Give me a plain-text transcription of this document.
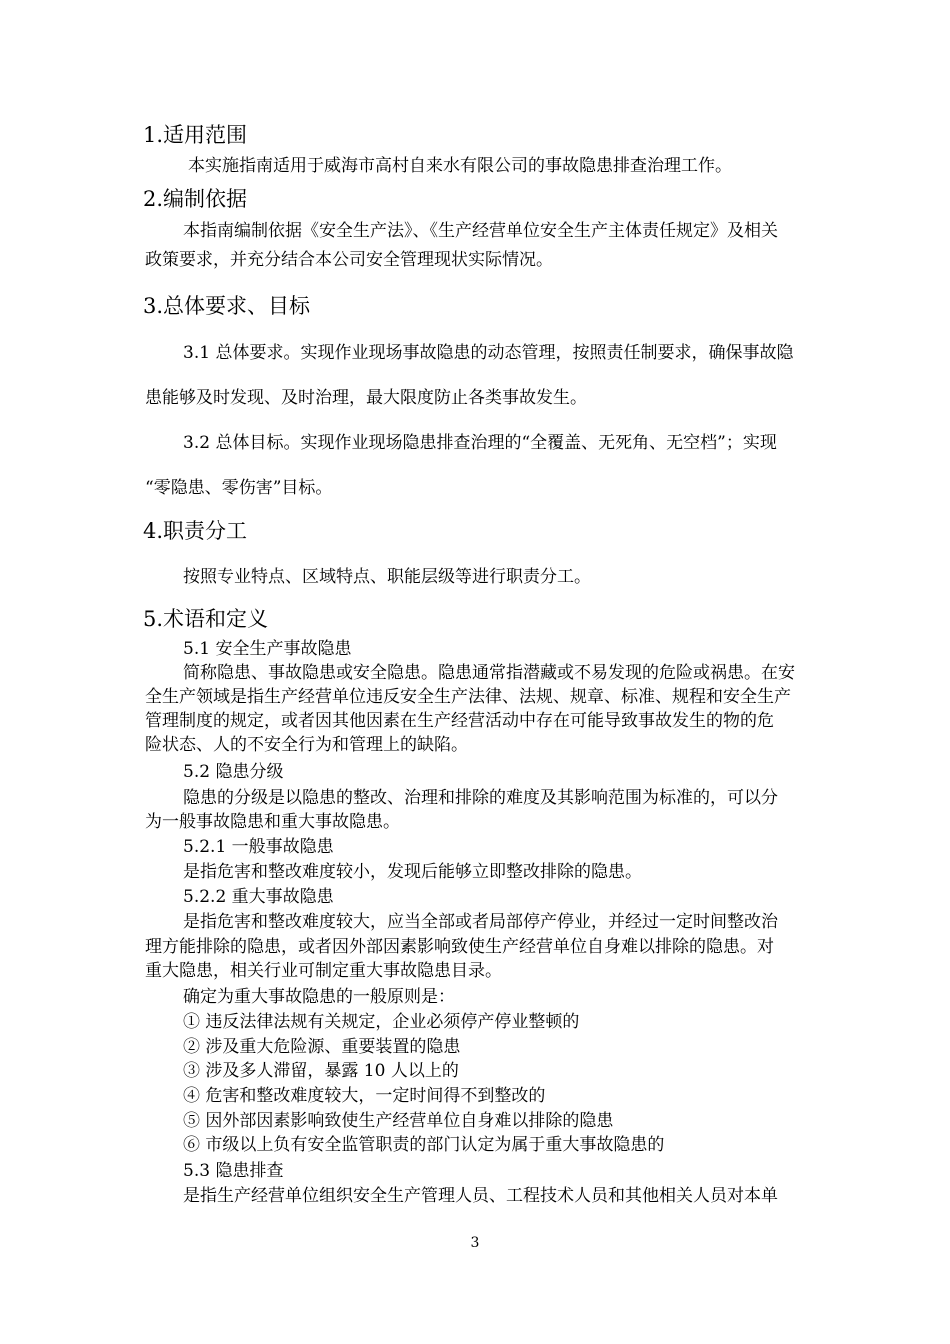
1.适用范围
本实施指南适用于威海市高村自来水有限公司的事故隐患排查治理工作。
2.编制依据
本指南编制依据《安全生产法》、《生产经营单位安全生产主体责任规定》及相关
政策要求，并充分结合本公司安全管理现状实际情况。
3.总体要求、目标
3.1 总体要求。实现作业现场事故隐患的动态管理，按照责任制要求，确保事故隐
患能够及时发现、及时治理，最大限度防止各类事故发生。
3.2 总体目标。实现作业现场隐患排查治理的“全覆盖、无死角、无空档”；实现
“零隐患、零伤害”目标。
4.职责分工
按照专业特点、区域特点、职能层级等进行职责分工。
5.术语和定义
5.1 安全生产事故隐患
简称隐患、事故隐患或安全隐患。隐患通常指潜藏或不易发现的危险或祸患。在安
全生产领域是指生产经营单位违反安全生产法律、法规、规章、标准、规程和安全生产
管理制度的规定，或者因其他因素在生产经营活动中存在可能导致事故发生的物的危
险状态、人的不安全行为和管理上的缺陷。
5.2 隐患分级
隐患的分级是以隐患的整改、治理和排除的难度及其影响范围为标准的，可以分
为一般事故隐患和重大事故隐患。
5.2.1 一般事故隐患
是指危害和整改难度较小，发现后能够立即整改排除的隐患。
5.2.2 重大事故隐患
是指危害和整改难度较大，应当全部或者局部停产停业，并经过一定时间整改治
理方能排除的隐患，或者因外部因素影响致使生产经营单位自身难以排除的隐患。对
重大隐患，相关行业可制定重大事故隐患目录。
确定为重大事故隐患的一般原则是：
① 违反法律法规有关规定，企业必须停产停业整顿的
② 涉及重大危险源、重要装置的隐患
③ 涉及多人滞留，暴露 10 人以上的
④ 危害和整改难度较大，一定时间得不到整改的
⑤ 因外部因素影响致使生产经营单位自身难以排除的隐患
⑥ 市级以上负有安全监管职责的部门认定为属于重大事故隐患的
5.3 隐患排查
是指生产经营单位组织安全生产管理人员、工程技术人员和其他相关人员对本单
3
